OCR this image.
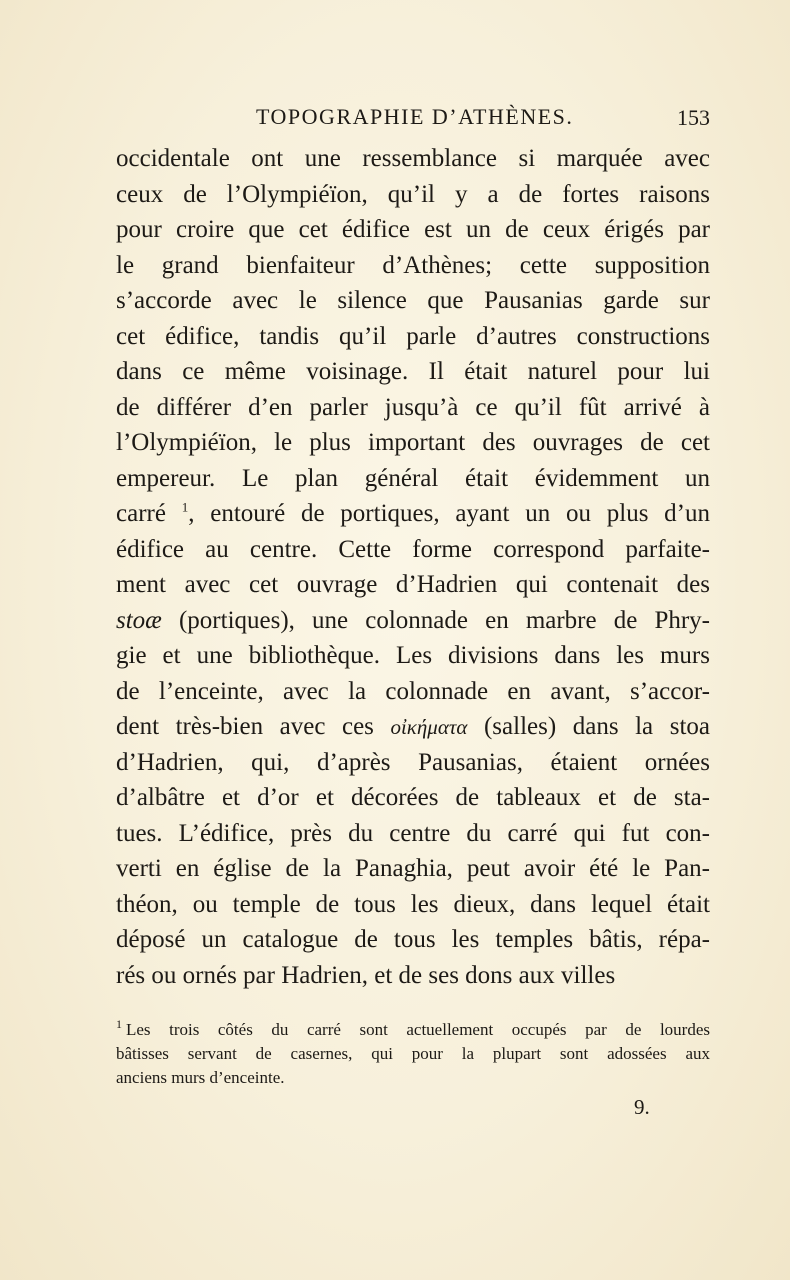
TOPOGRAPHIE D’ATHÈNES.	153
occidentale ont une ressemblance si marquée avec
ceux de l’Olympiéïon, qu’il y a de fortes raisons
pour croire que cet édifice est un de ceux érigés par
le grand bienfaiteur d’Athènes; cette supposition
s’accorde avec le silence que Pausanias garde sur
cet édifice, tandis qu’il parle d’autres constructions
dans ce même voisinage. Il était naturel pour lui
de différer d’en parler jusqu’à ce qu’il fût arrivé à
l’Olympiéïon, le plus important des ouvrages de cet
empereur. Le plan général était évidemment un
carré $^1$, entouré de portiques, ayant un ou plus d’un
édifice au centre. Cette forme correspond parfaite-
ment avec cet ouvrage d’Hadrien qui contenait des
stoæ (portiques), une colonnade en marbre de Phry-
gie et une bibliothèque. Les divisions dans les murs
de l’enceinte, avec la colonnade en avant, s’accor-
dent très-bien avec ces οἰκήματα (salles) dans la stoa
d’Hadrien, qui, d’après Pausanias, étaient ornées
d’albâtre et d’or et décorées de tableaux et de sta-
tues. L’édifice, près du centre du carré qui fut con-
verti en église de la Panaghia, peut avoir été le Pan-
théon, ou temple de tous les dieux, dans lequel était
déposé un catalogue de tous les temples bâtis, répa-
rés ou ornés par Hadrien, et de ses dons aux villes
$^1$ Les trois côtés du carré sont actuellement occupés par de lourdes
bâtisses servant de casernes, qui pour la plupart sont adossées aux
anciens murs d’enceinte.
9.
